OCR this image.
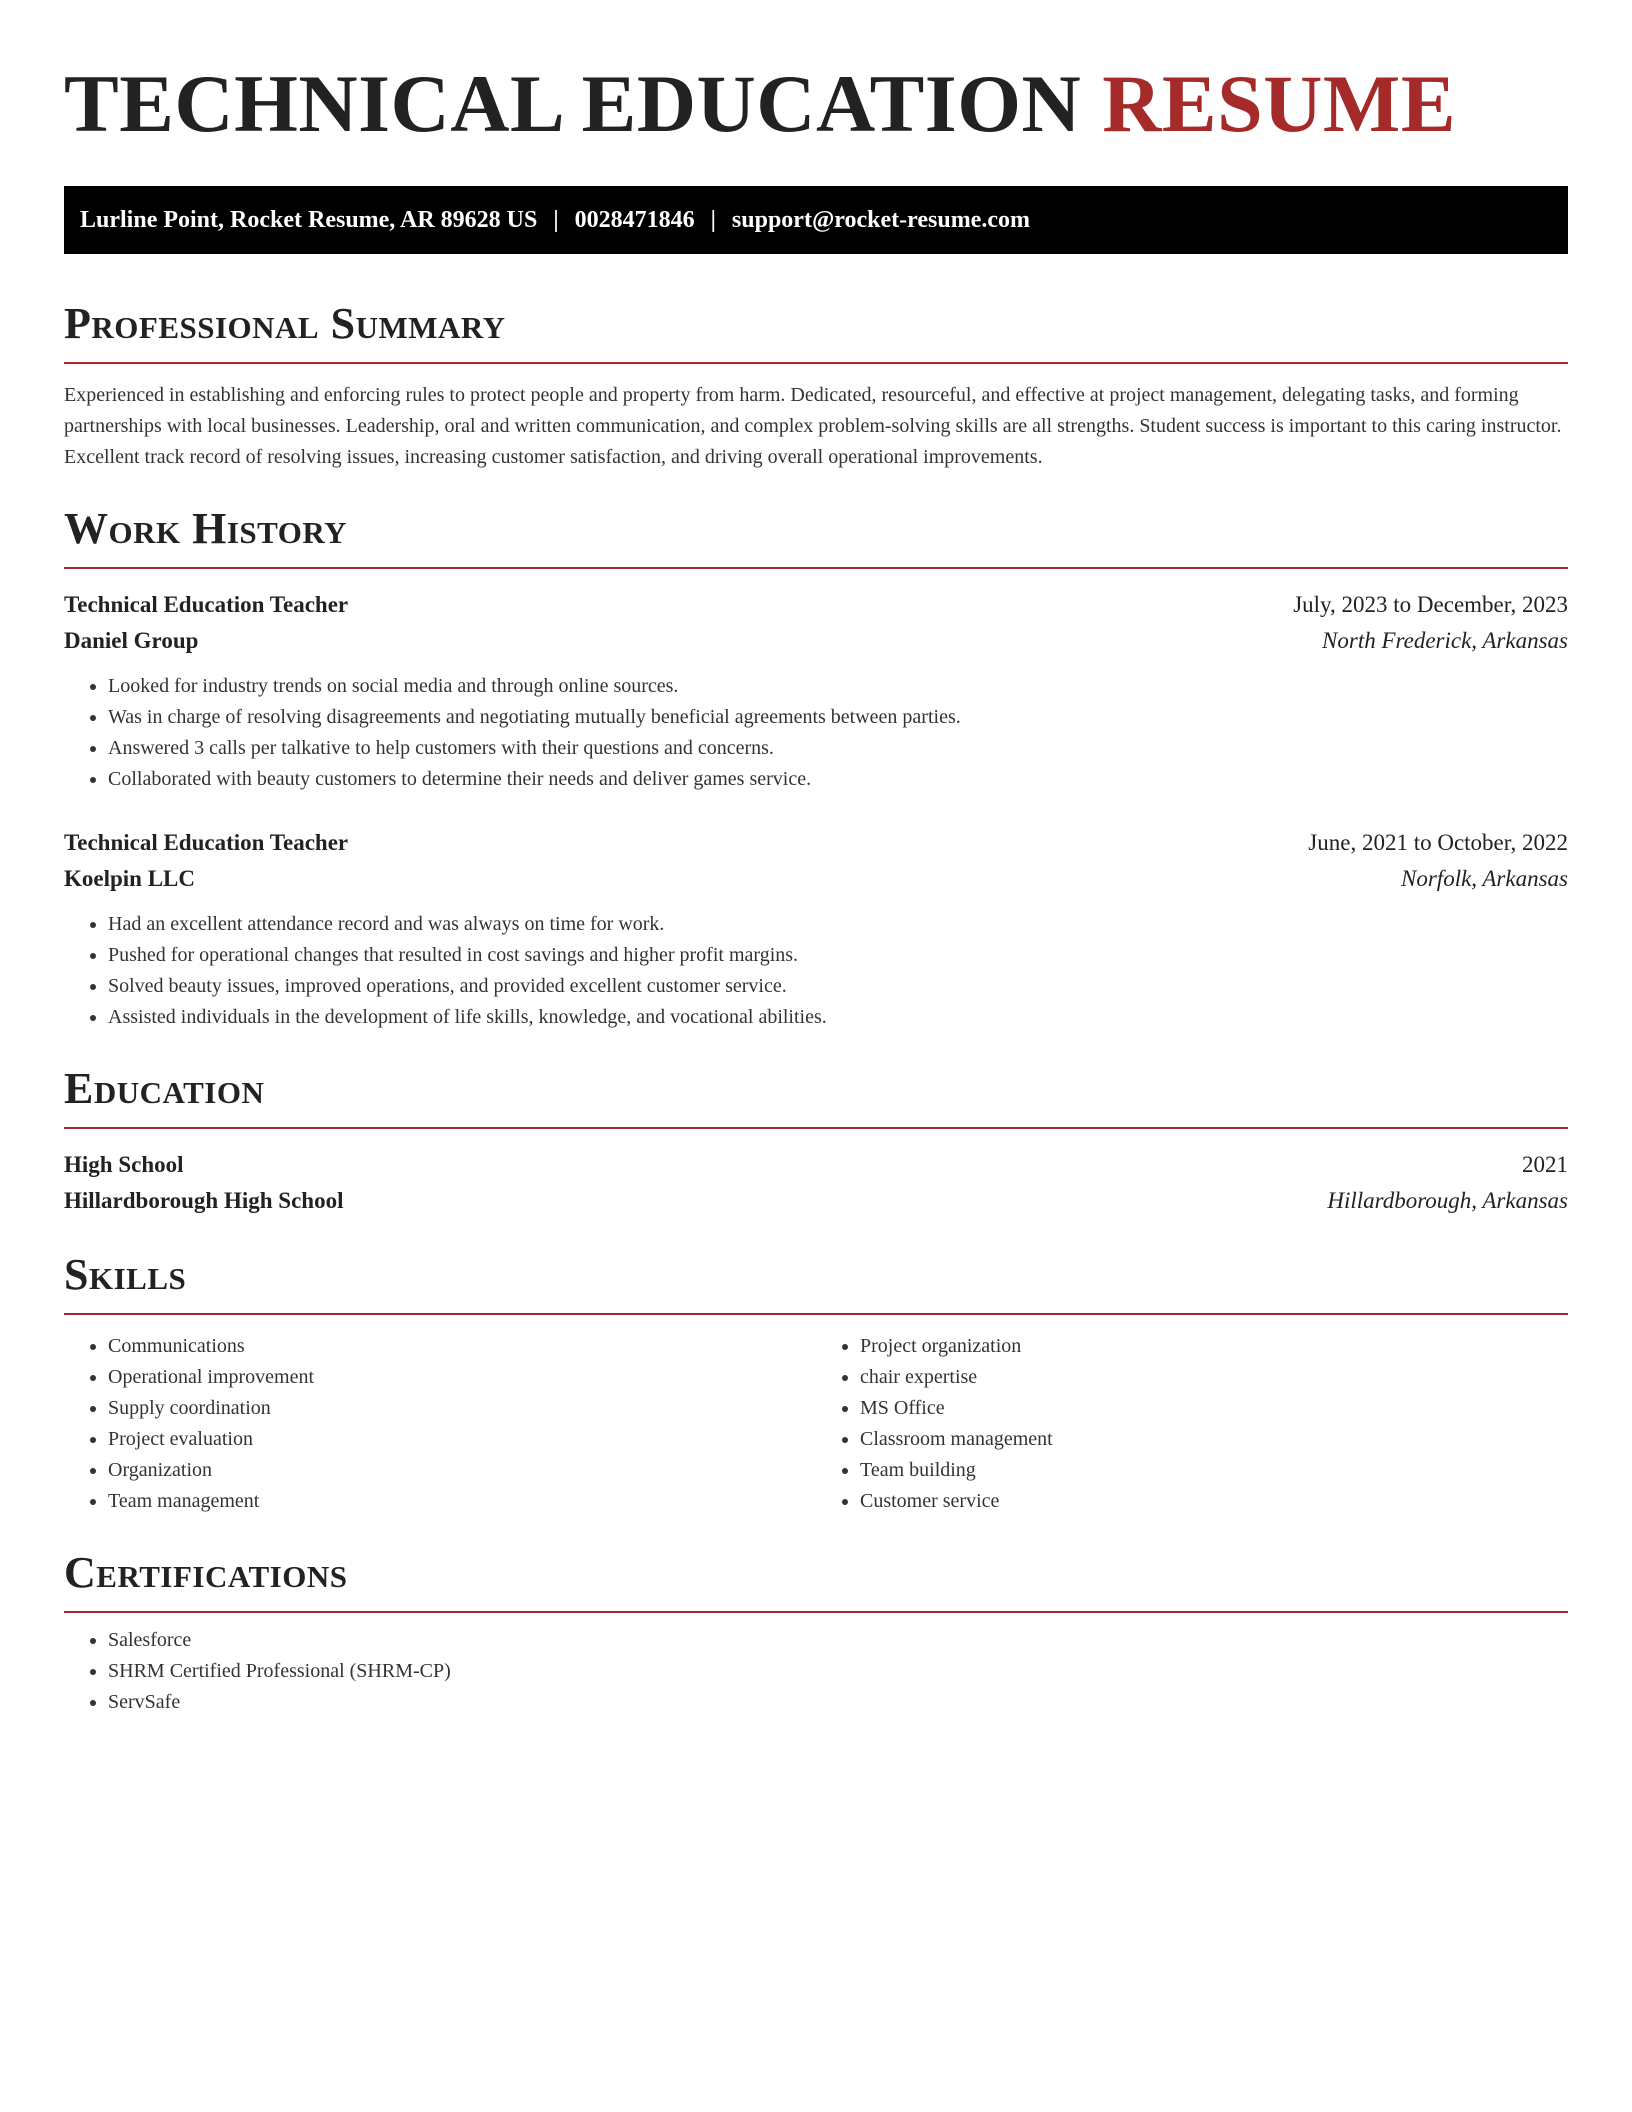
TECHNICAL EDUCATION RESUME
Lurline Point, Rocket Resume, AR 89628 US | 0028471846 | support@rocket-resume.com
Professional Summary

Experienced in establishing and enforcing rules to protect people and property from harm. Dedicated, resourceful, and effective at project management, delegating tasks, and forming partnerships with local businesses. Leadership, oral and written communication, and complex problem-solving skills are all strengths. Student success is important to this caring instructor. Excellent track record of resolving issues, increasing customer satisfaction, and driving overall operational improvements.

Work History
Technical Education Teacher	July, 2023 to December, 2023
Daniel Group	North Frederick, Arkansas
• Looked for industry trends on social media and through online sources.
• Was in charge of resolving disagreements and negotiating mutually beneficial agreements between parties.
• Answered 3 calls per talkative to help customers with their questions and concerns.
• Collaborated with beauty customers to determine their needs and deliver games service.
Technical Education Teacher	June, 2021 to October, 2022
Koelpin LLC	Norfolk, Arkansas
• Had an excellent attendance record and was always on time for work.
• Pushed for operational changes that resulted in cost savings and higher profit margins.
• Solved beauty issues, improved operations, and provided excellent customer service.
• Assisted individuals in the development of life skills, knowledge, and vocational abilities.
Education
High School	2021
Hillardborough High School	Hillardborough, Arkansas
Skills
• Communications
• Operational improvement
• Supply coordination
• Project evaluation
• Organization
• Team management
• Project organization
• chair expertise
• MS Office
• Classroom management
• Team building
• Customer service
Certifications
• Salesforce
• SHRM Certified Professional (SHRM-CP)
• ServSafe
